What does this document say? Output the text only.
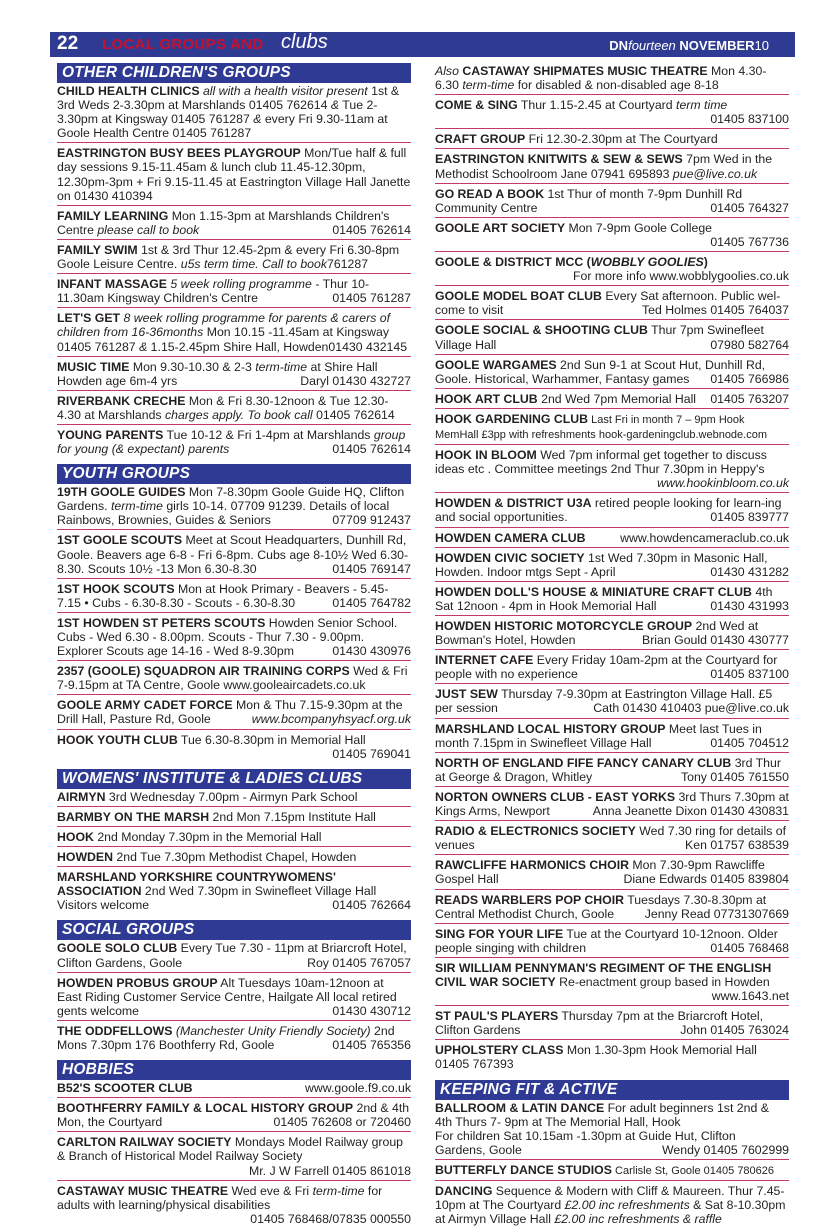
22 LOCAL GROUPS AND clubs	DNfourteen NOVEMBER10
OTHER CHILDREN'S GROUPS
CHILD HEALTH CLINICS all with a health visitor present 1st & 3rd Weds 2-3.30pm at Marshlands 01405 762614 & Tue 2-3.30pm at Kingsway 01405 761287 & every Fri 9.30-11am at Goole Health Centre 01405 761287
EASTRINGTON BUSY BEES PLAYGROUP Mon/Tue half & full day sessions 9.15-11.45am & lunch club 11.45-12.30pm, 12.30pm-3pm + Fri 9.15-11.45 at Eastrington Village Hall Janette on 01430 410394
FAMILY LEARNING Mon 1.15-3pm at Marshlands Children's Centre please call to book	01405 762614
FAMILY SWIM 1st & 3rd Thur 12.45-2pm & every Fri 6.30-8pm Goole Leisure Centre. u5s term time. Call to book761287
INFANT MASSAGE 5 week rolling programme - Thur 10-11.30am Kingsway Children's Centre	01405 761287
LET'S GET 8 week rolling programme for parents & carers of children from 16-36months Mon 10.15 -11.45am at Kingsway 01405 761287 & 1.15-2.45pm Shire Hall, Howden01430 432145
MUSIC TIME Mon 9.30-10.30 & 2-3 term-time at Shire Hall Howden age 6m-4 yrs	Daryl 01430 432727
RIVERBANK CRECHE Mon & Fri 8.30-12noon & Tue 12.30-4.30 at Marshlands charges apply. To book call 01405 762614
YOUNG PARENTS Tue 10-12 & Fri 1-4pm at Marshlands group for young (& expectant) parents	01405 762614
YOUTH GROUPS
19TH GOOLE GUIDES Mon 7-8.30pm Goole Guide HQ, Clifton Gardens. term-time girls 10-14. 07709 91239. Details of local Rainbows, Brownies, Guides & Seniors	07709 912437
1ST GOOLE SCOUTS Meet at Scout Headquarters, Dunhill Rd, Goole. Beavers age 6-8 - Fri 6-8pm. Cubs age 8-10½ Wed 6.30-8.30. Scouts 10½ -13 Mon 6.30-8.30	01405 769147
1ST HOOK SCOUTS Mon at Hook Primary - Beavers - 5.45-7.15 • Cubs - 6.30-8.30 - Scouts - 6.30-8.30	01405 764782
1ST HOWDEN ST PETERS SCOUTS Howden Senior School. Cubs - Wed 6.30 - 8.00pm. Scouts - Thur 7.30 - 9.00pm. Explorer Scouts age 14-16 - Wed 8-9.30pm	01430 430976
2357 (GOOLE) SQUADRON AIR TRAINING CORPS Wed & Fri 7-9.15pm at TA Centre, Goole www.gooleaircadets.co.uk
GOOLE ARMY CADET FORCE Mon & Thu 7.15-9.30pm at the Drill Hall, Pasture Rd, Goole	www.bcompanyhsyacf.org.uk
HOOK YOUTH CLUB Tue 6.30-8.30pm in Memorial Hall
01405 769041
WOMENS' INSTITUTE & LADIES CLUBS
AIRMYN 3rd Wednesday 7.00pm - Airmyn Park School
BARMBY ON THE MARSH 2nd Mon 7.15pm Institute Hall
HOOK 2nd Monday 7.30pm in the Memorial Hall
HOWDEN 2nd Tue 7.30pm Methodist Chapel, Howden
MARSHLAND YORKSHIRE COUNTRYWOMENS' ASSOCIATION 2nd Wed 7.30pm in Swinefleet Village Hall Visitors welcome	01405 762664
SOCIAL GROUPS
GOOLE SOLO CLUB Every Tue 7.30 - 11pm at Briarcroft Hotel, Clifton Gardens, Goole	Roy 01405 767057
HOWDEN PROBUS GROUP Alt Tuesdays 10am-12noon at East Riding Customer Service Centre, Hailgate All local retired gents welcome	01430 430712
THE ODDFELLOWS (Manchester Unity Friendly Society) 2nd Mons 7.30pm 176 Boothferry Rd, Goole	01405 765356
HOBBIES
B52'S SCOOTER CLUB	www.goole.f9.co.uk
BOOTHFERRY FAMILY & LOCAL HISTORY GROUP 2nd & 4th Mon, the Courtyard	01405 762608 or 720460
CARLTON RAILWAY SOCIETY Mondays Model Railway group & Branch of Historical Model Railway Society
Mr. J W Farrell 01405 861018
CASTAWAY MUSIC THEATRE Wed eve & Fri term-time for adults with learning/physical disabilities
01405 768468/07835 000550
Also CASTAWAY SHIPMATES MUSIC THEATRE Mon 4.30-6.30 term-time for disabled & non-disabled age 8-18
COME & SING Thur 1.15-2.45 at Courtyard term time
01405 837100
CRAFT GROUP Fri 12.30-2.30pm at The Courtyard
EASTRINGTON KNITWITS & SEW & SEWS 7pm Wed in the Methodist Schoolroom Jane 07941 695893 pue@live.co.uk
GO READ A BOOK 1st Thur of month 7-9pm Dunhill Rd Community Centre	01405 764327
GOOLE ART SOCIETY Mon 7-9pm Goole College
01405 767736
GOOLE & DISTRICT MCC (WOBBLY GOOLIES)
For more info www.wobblygoolies.co.uk
GOOLE MODEL BOAT CLUB Every Sat afternoon. Public wel-come to visit	Ted Holmes 01405 764037
GOOLE SOCIAL & SHOOTING CLUB Thur 7pm Swinefleet Village Hall	07980 582764
GOOLE WARGAMES 2nd Sun 9-1 at Scout Hut, Dunhill Rd, Goole. Historical, Warhammer, Fantasy games 01405 766986
HOOK ART CLUB 2nd Wed 7pm Memorial Hall 01405 763207
HOOK GARDENING CLUB Last Fri in month 7 – 9pm Hook MemHall £3pp with refreshments hook-gardeningclub.webnode.com
HOOK IN BLOOM Wed 7pm informal get together to discuss ideas etc . Committee meetings 2nd Thur 7.30pm in Heppy's
www.hookinbloom.co.uk
HOWDEN & DISTRICT U3A retired people looking for learn-ing and social opportunities.	01405 839777
HOWDEN CAMERA CLUB	www.howdencameraclub.co.uk
HOWDEN CIVIC SOCIETY 1st Wed 7.30pm in Masonic Hall, Howden. Indoor mtgs Sept - April	01430 431282
HOWDEN DOLL'S HOUSE & MINIATURE CRAFT CLUB 4th Sat 12noon - 4pm in Hook Memorial Hall	01430 431993
HOWDEN HISTORIC MOTORCYCLE GROUP 2nd Wed at Bowman's Hotel, Howden	Brian Gould 01430 430777
INTERNET CAFE Every Friday 10am-2pm at the Courtyard for people with no experience	01405 837100
JUST SEW Thursday 7-9.30pm at Eastrington Village Hall. £5 per session	Cath 01430 410403 pue@live.co.uk
MARSHLAND LOCAL HISTORY GROUP Meet last Tues in month 7.15pm in Swinefleet Village Hall	01405 704512
NORTH OF ENGLAND FIFE FANCY CANARY CLUB 3rd Thur at George & Dragon, Whitley	Tony 01405 761550
NORTON OWNERS CLUB - EAST YORKS 3rd Thurs 7.30pm at Kings Arms, Newport	Anna Jeanette Dixon 01430 430831
RADIO & ELECTRONICS SOCIETY Wed 7.30 ring for details of venues	Ken 01757 638539
RAWCLIFFE HARMONICS CHOIR Mon 7.30-9pm Rawcliffe Gospel Hall	Diane Edwards 01405 839804
READS WARBLERS POP CHOIR Tuesdays 7.30-8.30pm at Central Methodist Church, Goole Jenny Read 07731307669
SING FOR YOUR LIFE Tue at the Courtyard 10-12noon. Older people singing with children	01405 768468
SIR WILLIAM PENNYMAN'S REGIMENT OF THE ENGLISH CIVIL WAR SOCIETY Re-enactment group based in Howden
www.1643.net
ST PAUL'S PLAYERS Thursday 7pm at the Briarcroft Hotel, Clifton Gardens	John 01405 763024
UPHOLSTERY CLASS Mon 1.30-3pm Hook Memorial Hall 01405 767393
KEEPING FIT & ACTIVE
BALLROOM & LATIN DANCE For adult beginners 1st 2nd & 4th Thurs 7- 9pm at The Memorial Hall, Hook
For children Sat 10.15am -1.30pm at Guide Hut, Clifton Gardens, Goole	Wendy 01405 7602999
BUTTERFLY DANCE STUDIOS Carlisle St, Goole 01405 780626
DANCING Sequence & Modern with Cliff & Maureen. Thur 7.45-10pm at The Courtyard £2.00 inc refreshments & Sat 8-10.30pm at Airmyn Village Hall £2.00 inc refreshments & raffle
